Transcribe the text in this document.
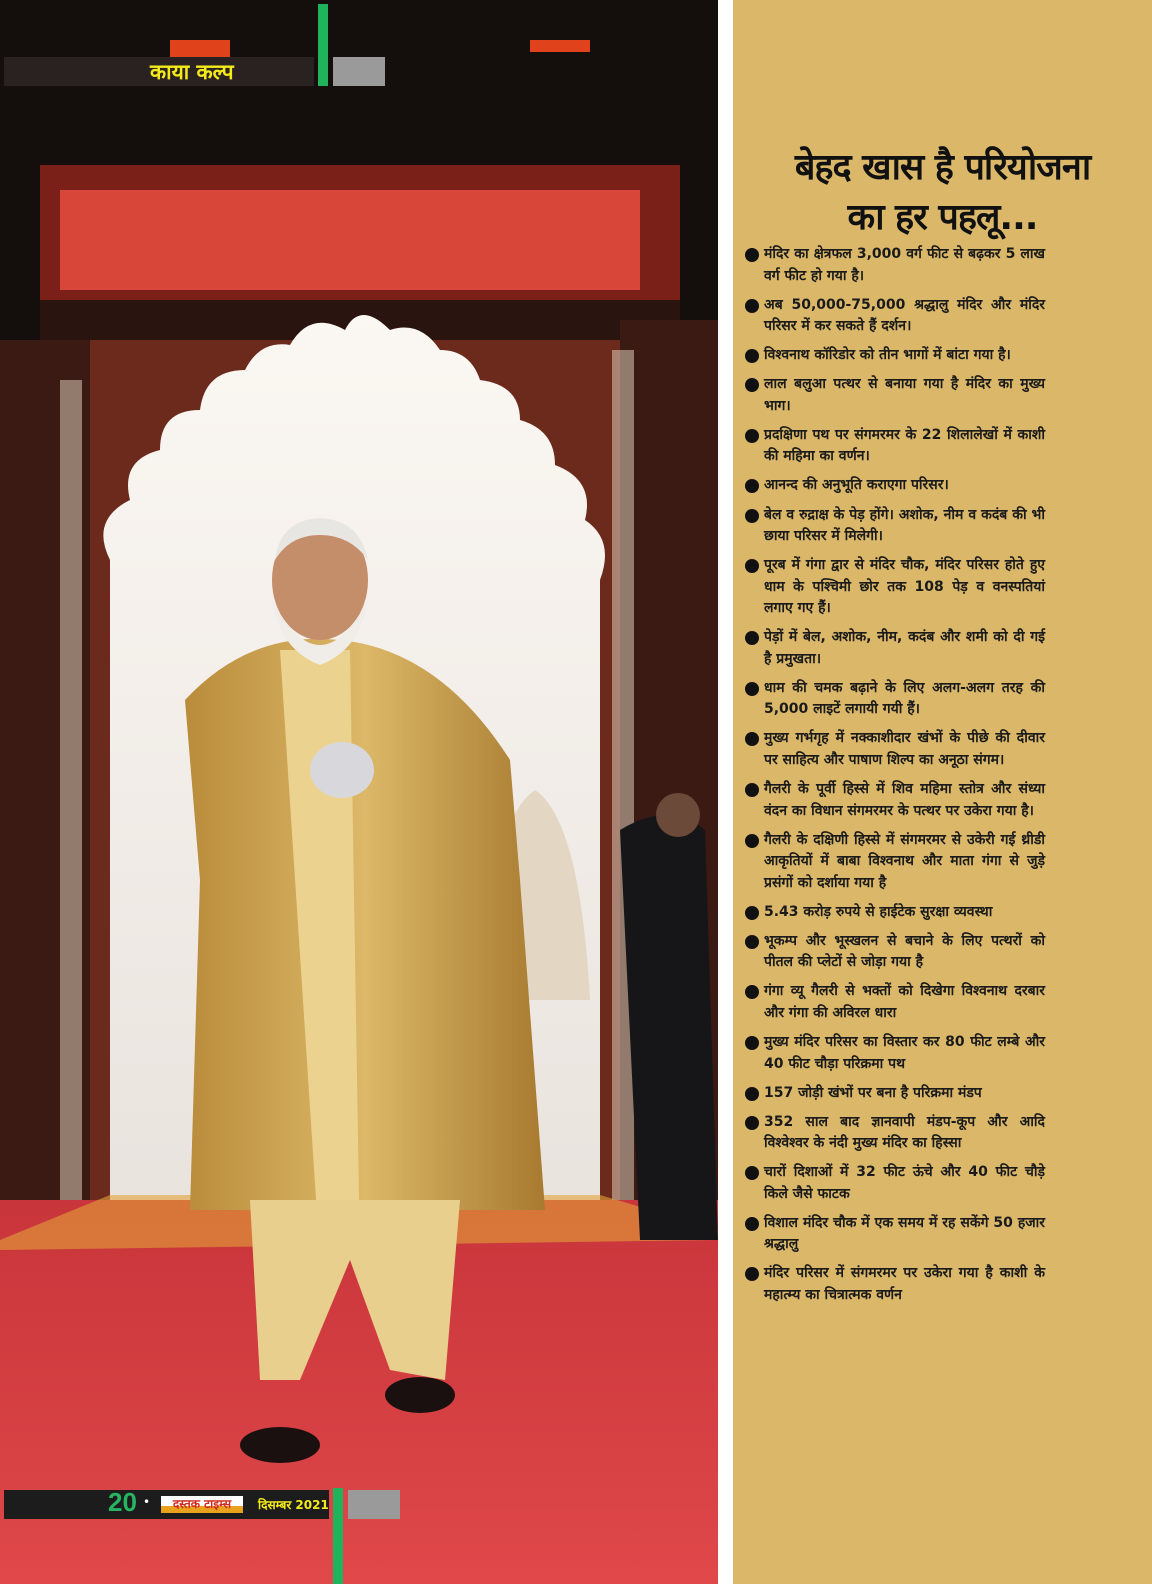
काया कल्प
20 •	दस्तक टाइम्स	दिसम्बर 2021
बेहद खास है परियोजना
का हर पहलू...
मंदिर का क्षेत्रफल 3,000 वर्ग फीट से बढ़कर 5 लाख वर्ग फीट हो गया है।
अब 50,000-75,000 श्रद्धालु मंदिर और मंदिर परिसर में कर सकते हैं दर्शन।
विश्वनाथ कॉरिडोर को तीन भागों में बांटा गया है।
लाल बलुआ पत्थर से बनाया गया है मंदिर का मुख्य भाग।
प्रदक्षिणा पथ पर संगमरमर के 22 शिलालेखों में काशी की महिमा का वर्णन।
आनन्द की अनुभूति कराएगा परिसर।
बेल व रुद्राक्ष के पेड़ होंगे। अशोक, नीम व कदंब की भी छाया परिसर में मिलेगी।
पूरब में गंगा द्वार से मंदिर चौक, मंदिर परिसर होते हुए धाम के पश्चिमी छोर तक 108 पेड़ व वनस्पतियां लगाए गए हैं।
पेड़ों में बेल, अशोक, नीम, कदंब और शमी को दी गई है प्रमुखता।
धाम की चमक बढ़ाने के लिए अलग-अलग तरह की 5,000 लाइटें लगायी गयी हैं।
मुख्य गर्भगृह में नक्काशीदार खंभों के पीछे की दीवार पर साहित्य और पाषाण शिल्प का अनूठा संगम।
गैलरी के पूर्वी हिस्से में शिव महिमा स्तोत्र और संध्या वंदन का विधान संगमरमर के पत्थर पर उकेरा गया है।
गैलरी के दक्षिणी हिस्से में संगमरमर से उकेरी गई थ्रीडी आकृतियों में बाबा विश्वनाथ और माता गंगा से जुड़े प्रसंगों को दर्शाया गया है
5.43 करोड़ रुपये से हाईटेक सुरक्षा व्यवस्था
भूकम्प और भूस्खलन से बचाने के लिए पत्थरों को पीतल की प्लेटों से जोड़ा गया है
गंगा व्यू गैलरी से भक्तों को दिखेगा विश्वनाथ दरबार और गंगा की अविरल धारा
मुख्य मंदिर परिसर का विस्तार कर 80 फीट लम्बे और 40 फीट चौड़ा परिक्रमा पथ
157 जोड़ी खंभों पर बना है परिक्रमा मंडप
352 साल बाद ज्ञानवापी मंडप-कूप और आदि विश्वेश्वर के नंदी मुख्य मंदिर का हिस्सा
चारों दिशाओं में 32 फीट ऊंचे और 40 फीट चौड़े किले जैसे फाटक
विशाल मंदिर चौक में एक समय में रह सकेंगे 50 हजार श्रद्धालु
मंदिर परिसर में संगमरमर पर उकेरा गया है काशी के महात्म्य का चित्रात्मक वर्णन
